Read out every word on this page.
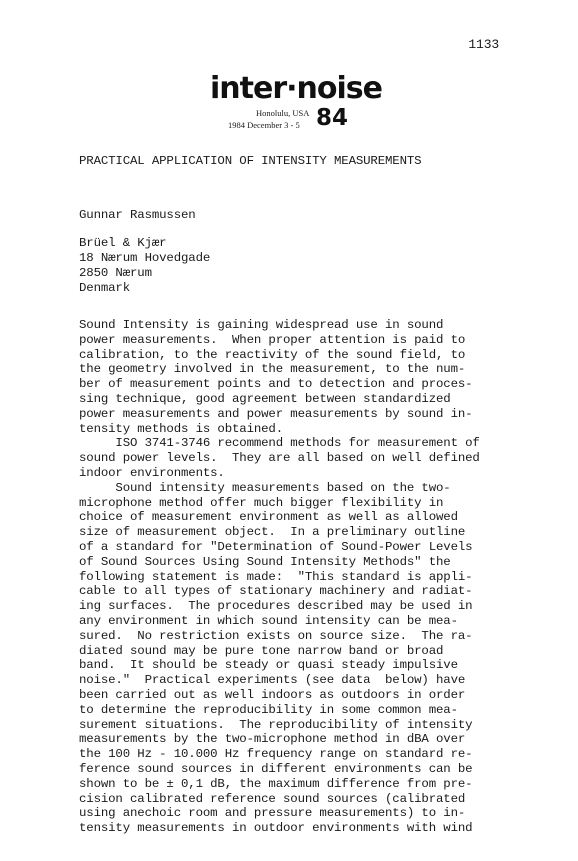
1133
inter·noise
Honolulu, USA
1984 December 3 - 5 84
PRACTICAL APPLICATION OF INTENSITY MEASUREMENTS
Gunnar Rasmussen
Brüel & Kjær
18 Nærum Hovedgade
2850 Nærum
Denmark
Sound Intensity is gaining widespread use in sound
power measurements.  When proper attention is paid to
calibration, to the reactivity of the sound field, to
the geometry involved in the measurement, to the num-
ber of measurement points and to detection and proces-
sing technique, good agreement between standardized
power measurements and power measurements by sound in-
tensity methods is obtained.
ISO 3741-3746 recommend methods for measurement of
sound power levels.  They are all based on well defined
indoor environments.
Sound intensity measurements based on the two-
microphone method offer much bigger flexibility in
choice of measurement environment as well as allowed
size of measurement object.  In a preliminary outline
of a standard for "Determination of Sound-Power Levels
of Sound Sources Using Sound Intensity Methods" the
following statement is made:  "This standard is appli-
cable to all types of stationary machinery and radiat-
ing surfaces.  The procedures described may be used in
any environment in which sound intensity can be mea-
sured.  No restriction exists on source size.  The ra-
diated sound may be pure tone narrow band or broad
band.  It should be steady or quasi steady impulsive
noise."  Practical experiments (see data  below) have
been carried out as well indoors as outdoors in order
to determine the reproducibility in some common mea-
surement situations.  The reproducibility of intensity
measurements by the two-microphone method in dBA over
the 100 Hz - 10.000 Hz frequency range on standard re-
ference sound sources in different environments can be
shown to be ± 0,1 dB, the maximum difference from pre-
cision calibrated reference sound sources (calibrated
using anechoic room and pressure measurements) to in-
tensity measurements in outdoor environments with wind
